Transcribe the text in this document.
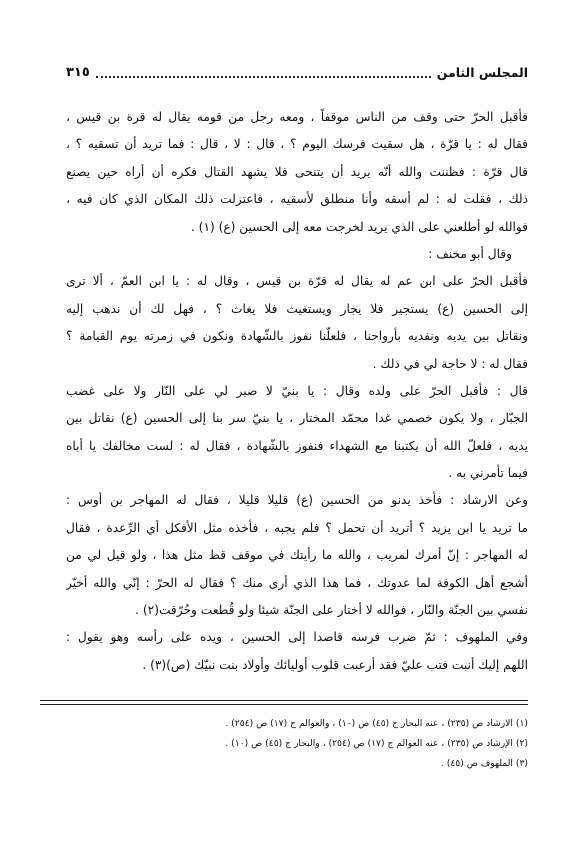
المجلس الثامن
٣١٥
فأقبل الحرّ حتى وقف من الناس موقفاً ، ومعه رجل من قومه يقال له قرة بن قيس ،
فقال له : يا قرّة ، هل سقيت فرسك اليوم ؟ ، قال : لا ، قال : فما تريد أن تسقيه ؟ ،
قال قرّة : فظننت والله أنّه يريد أن يتنحى فلا يشهد القتال فكره أن أراه حين يصنع
ذلك ، فقلت له : لم أسقه وأنا منطلق لأسقيه ، فاعتزلت ذلك المكان الذي كان فيه ،
فوالله لو أطلعني على الذي يريد لخرجت معه إلى الحسين (ع) (١) .
وقال أبو مخنف :
فأقبل الحرّ على ابن عم له يقال له قرّة بن قيس ، وقال له : يا ابن العمّ ، ألا ترى
إلى الحسين (ع) يستجير فلا يجار ويستغيث فلا يغاث ؟ ، فهل لك أن نذهب إليه
ونقاتل بين يديه ونفديه بأرواحنا ، فلعلّنا نفوز بالشّهادة ونكون في زمرته يوم القيامة ؟
فقال له : لا حاجة لي في ذلك .
قال : فأقبل الحرّ على ولده وقال : يا بنيّ لا صبر لي على النّار ولا على غضب
الجبّار ، ولا يكون خصمي غدا محمّد المختار ، يا بنيّ سر بنا إلى الحسين (ع) نقاتل بين
يديه ، فلعلّ الله أن يكتبنا مع الشهداء فنفوز بالشّهادة ، فقال له : لست مخالفك يا أباه
فيما تأمرني به .
وعن الارشاد : فأخذ يدنو من الحسين (ع) قليلا قليلا ، فقال له المهاجر بن أوس :
ما تريد يا ابن يزيد ؟ أتريد أن تحمل ؟ فلم يجبه ، فأخذه مثل الأفكل أي الرِّعدة ، فقال
له المهاجر : إنّ أمرك لمريب ، والله ما رأيتك في موقف قط مثل هذا ، ولو قيل لي من
أشجع أهل الكوفة لما عدوتك ، فما هذا الذي أرى منك ؟ فقال له الحرّ : إنّي والله أخيّر
نفسي بين الجنّة والنّار ، فوالله لا أختار على الجنّة شيئا ولو قُطعت وحُرّقت(٢) .
وفي الملهوف : ثمّ ضرب فرسه قاصدا إلى الحسين ، ويده على رأسه وهو يقول :
اللهم إليك أنبت فتب عليّ فقد أرعبت قلوب أوليائك وأولاد بنت نبيّك (ص)(٣) .
(١) الارشاد ص (٢٣٥) ، عنه البحار ج (٤٥) ص (١٠) ، والعوالم ج (١٧) ص (٢٥٤) .
(٢) الإرشاد ص (٢٣٥) ، عنه العوالم ج (١٧) ص (٢٥٤) ، والبحار ج (٤٥) ص (١٠) .
(٣) الملهوف ص (٤٥) .
